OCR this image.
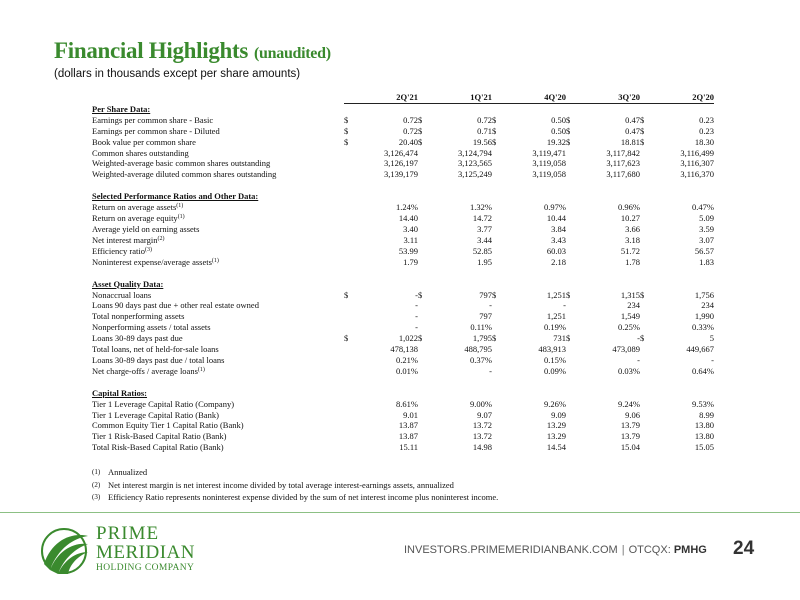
Financial Highlights (unaudited)
(dollars in thousands except per share amounts)
		2Q'21		1Q'21		4Q'20		3Q'20		2Q'20
Per Share Data:										
Earnings per common share - Basic	$	0.72	$	0.72	$	0.50	$	0.47	$	0.23
Earnings per common share - Diluted	$	0.72	$	0.71	$	0.50	$	0.47	$	0.23
Book value per common share	$	20.40	$	19.56	$	19.32	$	18.81	$	18.30
Common shares outstanding		3,126,474		3,124,794		3,119,471		3,117,842		3,116,499
Weighted-average basic common shares outstanding		3,126,197		3,123,565		3,119,058		3,117,623		3,116,307
Weighted-average diluted common shares outstanding		3,139,179		3,125,249		3,119,058		3,117,680		3,116,370

Selected Performance Ratios and Other Data:										
Return on average assets$^{(1)}$		1.24%		1.32%		0.97%		0.96%		0.47%
Return on average equity$^{(1)}$		14.40		14.72		10.44		10.27		5.09
Average yield on earning assets		3.40		3.77		3.84		3.66		3.59
Net interest margin$^{(2)}$		3.11		3.44		3.43		3.18		3.07
Efficiency ratio$^{(3)}$		53.99		52.85		60.03		51.72		56.57
Noninterest expense/average assets$^{(1)}$		1.79		1.95		2.18		1.78		1.83

Asset Quality Data:										
Nonaccrual loans	$	-	$	797	$	1,251	$	1,315	$	1,756
Loans 90 days past due + other real estate owned		-		-		-		234		234
Total nonperforming assets		-		797		1,251		1,549		1,990
Nonperforming assets / total assets		-		0.11%		0.19%		0.25%		0.33%
Loans 30-89 days past due	$	1,022	$	1,795	$	731	$	-	$	5
Total loans, net of held-for-sale loans		478,138		488,795		483,913		473,089		449,667
Loans 30-89 days past due / total loans		0.21%		0.37%		0.15%		-		-
Net charge-offs / average loans$^{(1)}$		0.01%		-		0.09%		0.03%		0.64%

Capital Ratios:										
Tier 1 Leverage Capital Ratio (Company)		8.61%		9.00%		9.26%		9.24%		9.53%
Tier 1 Leverage Capital Ratio (Bank)		9.01		9.07		9.09		9.06		8.99
Common Equity Tier 1 Capital Ratio (Bank)		13.87		13.72		13.29		13.79		13.80
Tier 1 Risk-Based Capital Ratio (Bank)		13.87		13.72		13.29		13.79		13.80
Total Risk-Based Capital Ratio (Bank)		15.11		14.98		14.54		15.04		15.05
(1) Annualized
(2) Net interest margin is net interest income divided by total average interest-earnings assets, annualized
(3) Efficiency Ratio represents noninterest expense divided by the sum of net interest income plus noninterest income.
PRIME
MERIDIAN
HOLDING COMPANY
INVESTORS.PRIMEMERIDIANBANK.COM | OTCQX: PMHG 24
